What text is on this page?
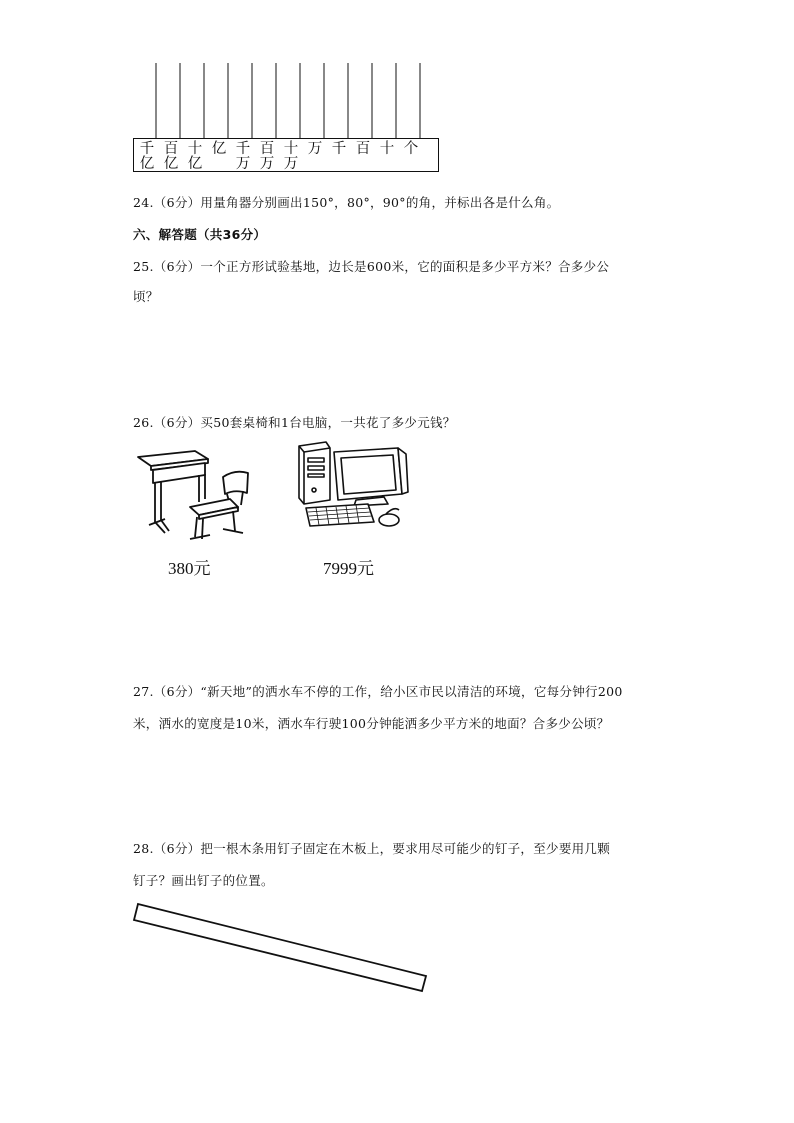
千
亿
百
亿
十
亿
亿 千
万
百
万
十
万
万 千 百 十 个
24.（6分）用量角器分别画出150°，80°，90°的角，并标出各是什么角。
六、解答题（共36分）
25.（6分）一个正方形试验基地，边长是600米，它的面积是多少平方米？合多少公
顷？
26.（6分）买50套桌椅和1台电脑，一共花了多少元钱？
380元	7999元
27.（6分）“新天地”的洒水车不停的工作，给小区市民以清洁的环境，它每分钟行200
米，洒水的宽度是10米，洒水车行驶100分钟能洒多少平方米的地面？合多少公顷？
28.（6分）把一根木条用钉子固定在木板上，要求用尽可能少的钉子，至少要用几颗
钉子？画出钉子的位置。
